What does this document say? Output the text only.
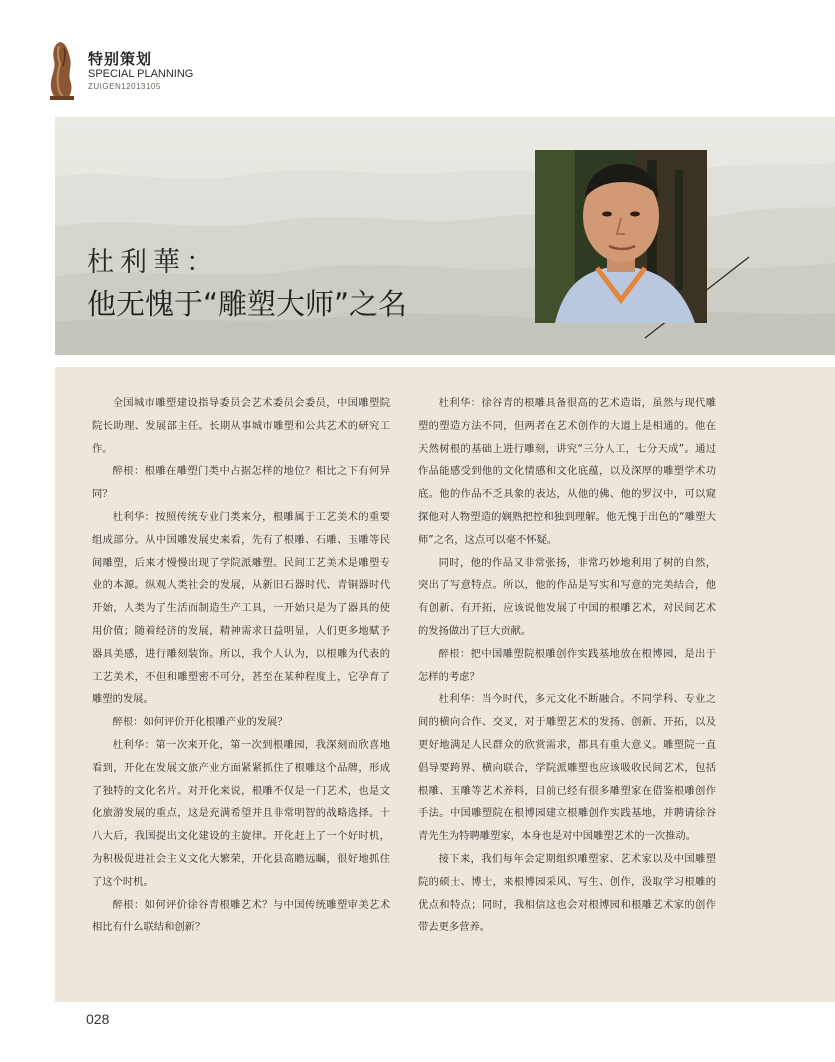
特别策划
SPECIAL PLANNING
ZUIGEN12013105
杜利華：
他无愧于“雕塑大师”之名

全国城市雕塑建设指导委员会艺术委员会委员，中国雕塑院院长助理、发展部主任。长期从事城市雕塑和公共艺术的研究工作。

醉根：根雕在雕塑门类中占据怎样的地位？相比之下有何异同？

杜利华：按照传统专业门类来分，根雕属于工艺美术的重要组成部分。从中国雕发展史来看，先有了根雕、石雕、玉雕等民间雕塑，后来才慢慢出现了学院派雕塑。民间工艺美术是雕塑专业的本源。纵观人类社会的发展，从新旧石器时代、青铜器时代开始，人类为了生活而制造生产工具，一开始只是为了器具的使用价值；随着经济的发展，精神需求日益明显，人们更多地赋予器具美感，进行雕刻装饰。所以，我个人认为，以根雕为代表的工艺美术，不但和雕塑密不可分，甚至在某种程度上，它孕育了雕塑的发展。

醉根：如何评价开化根雕产业的发展？

杜利华：第一次来开化，第一次到根雕园，我深刻而欣喜地看到，开化在发展文旅产业方面紧紧抓住了根雕这个品牌，形成了独特的文化名片。对开化来说，根雕不仅是一门艺术，也是文化旅游发展的重点，这是充满希望并且非常明智的战略选择。十八大后，我国提出文化建设的主旋律。开化赶上了一个好时机，为积极促进社会主义文化大繁荣，开化县高瞻远瞩，很好地抓住了这个时机。

醉根：如何评价徐谷青根雕艺术？与中国传统雕塑审美艺术相比有什么联结和创新？

杜利华：徐谷青的根雕具备很高的艺术造诣，虽然与现代雕塑的塑造方法不同，但两者在艺术创作的大道上是相通的。他在天然树根的基础上进行雕刻，讲究“三分人工，七分天成”。通过作品能感受到他的文化情感和文化底蕴，以及深厚的雕塑学术功底。他的作品不乏具象的表达，从他的佛、他的罗汉中，可以窥探他对人物塑造的娴熟把控和独到理解。他无愧于出色的“雕塑大师”之名，这点可以毫不怀疑。

同时，他的作品又非常张扬，非常巧妙地利用了树的自然，突出了写意特点。所以，他的作品是写实和写意的完美结合，他有创新、有开拓，应该说他发展了中国的根雕艺术，对民间艺术的发扬做出了巨大贡献。

醉根：把中国雕塑院根雕创作实践基地放在根博园，是出于怎样的考虑？

杜利华：当今时代，多元文化不断融合。不同学科、专业之间的横向合作、交叉，对于雕塑艺术的发扬、创新、开拓，以及更好地满足人民群众的欣赏需求，都具有重大意义。雕塑院一直倡导要跨界、横向联合，学院派雕塑也应该吸收民间艺术，包括根雕、玉雕等艺术养料，目前已经有很多雕塑家在借鉴根雕创作手法。中国雕塑院在根博园建立根雕创作实践基地，并聘请徐谷青先生为特聘雕塑家，本身也是对中国雕塑艺术的一次推动。

接下来，我们每年会定期组织雕塑家、艺术家以及中国雕塑院的硕士、博士，来根博园采风、写生、创作，汲取学习根雕的优点和特点；同时，我相信这也会对根博园和根雕艺术家的创作带去更多营养。

028
